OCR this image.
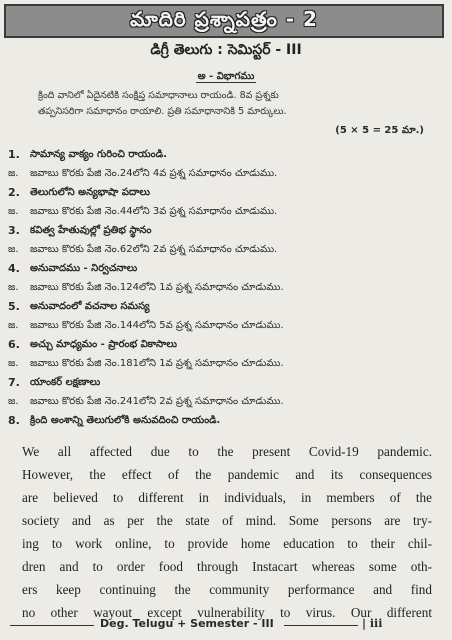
మాదిరి ప్రశ్నాపత్రం - 2
డిగ్రీ తెలుగు : సెమిస్టర్ - III
అ - విభాగము
క్రింది వానిలో ఏదైనటికి సంక్షిప్త సమాధానాలు రాయండి. 8వ ప్రశ్నకు
తప్పనిసరిగా సమాధానం రాయాలి. ప్రతి సమాధానానికి 5 మార్కులు.
(5 × 5 = 25 మా.)
1.	సామాన్య వాక్యం గురించి రాయండి.
జ.	జవాబు కొరకు పేజి నెం.24లోని 4వ ప్రశ్న సమాధానం చూడుము.
2.	తెలుగులోని అన్యభాషా పదాలు
జ.	జవాబు కొరకు పేజి నెం.44లోని 3వ ప్రశ్న సమాధానం చూడుము.
3.	కవిత్వ హేతువుల్లో ప్రతిభ స్థానం
జ.	జవాబు కొరకు పేజి నెం.62లోని 2వ ప్రశ్న సమాధానం చూడుము.
4.	అనువాదము - నిర్వచనాలు
జ.	జవాబు కొరకు పేజి నెం.124లోని 1వ ప్రశ్న సమాధానం చూడుము.
5.	అనువాదంలో వచనాల సమస్య
జ.	జవాబు కొరకు పేజి నెం.144లోని 5వ ప్రశ్న సమాధానం చూడుము.
6.	అచ్చు మాధ్యమం - ప్రారంభ వికాసాలు
జ.	జవాబు కొరకు పేజి నెం.181లోని 1వ ప్రశ్న సమాధానం చూడుము.
7.	యాంకర్ లక్షణాలు
జ.	జవాబు కొరకు పేజి నెం.241లోని 2వ ప్రశ్న సమాధానం చూడుము.
8.	క్రింది అంశాన్ని తెలుగులోకి అనువదించి రాయండి.
We all affected due to the present Covid-19 pandemic.
However, the effect of the pandemic and its consequences
are believed to different in individuals, in members of the
society and as per the state of mind. Some persons are try-
ing to work online, to provide home education to their chil-
dren and to order food through Instacart whereas some oth-
ers keep continuing the community performance and find
no other wayout except vulnerability to virus. Our different
Deg. Telugu + Semester - III	| iii
